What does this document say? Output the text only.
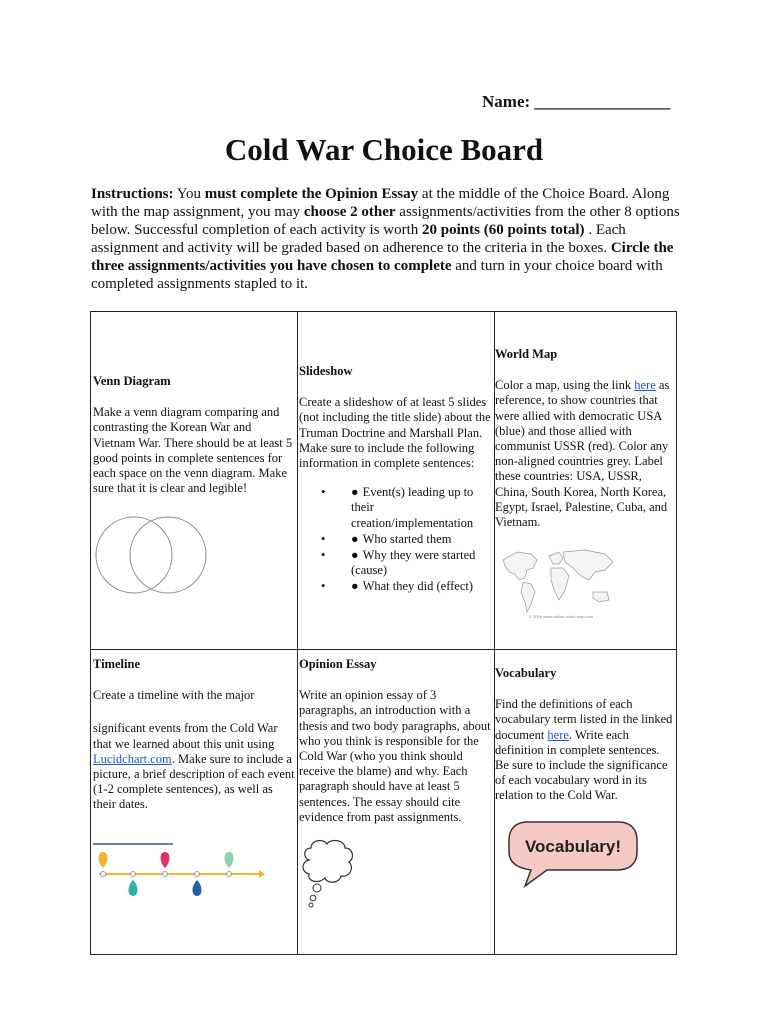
Name: ________________
Cold War Choice Board
Instructions: You must complete the Opinion Essay at the middle of the Choice Board. Along with the map assignment, you may choose 2 other assignments/activities from the other 8 options below. Successful completion of each activity is worth 20 points (60 points total) . Each assignment and activity will be graded based on adherence to the criteria in the boxes. Circle the three assignments/activities you have chosen to complete and turn in your choice board with completed assignments stapled to it.
Venn Diagram

Make a venn diagram comparing and contrasting the Korean War and Vietnam War. There should be at least 5 good points in complete sentences for each space on the venn diagram. Make sure that it is clear and legible!

Slideshow

Create a slideshow of at least 5 slides (not including the title slide) about the Truman Doctrine and Marshall Plan. Make sure to include the following information in complete sentences:

• ● Event(s) leading up to their creation/implementation
• ● Who started them
• ● Why they were started (cause)
• ● What they did (effect)
World Map

Color a map, using the link here as reference, to show countries that were allied with democratic USA (blue) and those allied with communist USSR (red). Color any non-aligned countries grey. Label these countries: USA, USSR, China, South Korea, North Korea, Egypt, Israel, Palestine, Cuba, and Vietnam.

© 2009 www.outline-world-map.com
Timeline

Create a timeline with the major

significant events from the Cold War that we learned about this unit using Lucidchart.com. Make sure to include a picture, a brief description of each event (1-2 complete sentences), as well as their dates.

Opinion Essay

Write an opinion essay of 3 paragraphs, an introduction with a thesis and two body paragraphs, about who you think is responsible for the Cold War (who you think should receive the blame) and why. Each paragraph should have at least 5 sentences. The essay should cite evidence from past assignments.

Vocabulary

Find the definitions of each vocabulary term listed in the linked document here. Write each definition in complete sentences. Be sure to include the significance of each vocabulary word in its relation to the Cold War.

Vocabulary!
